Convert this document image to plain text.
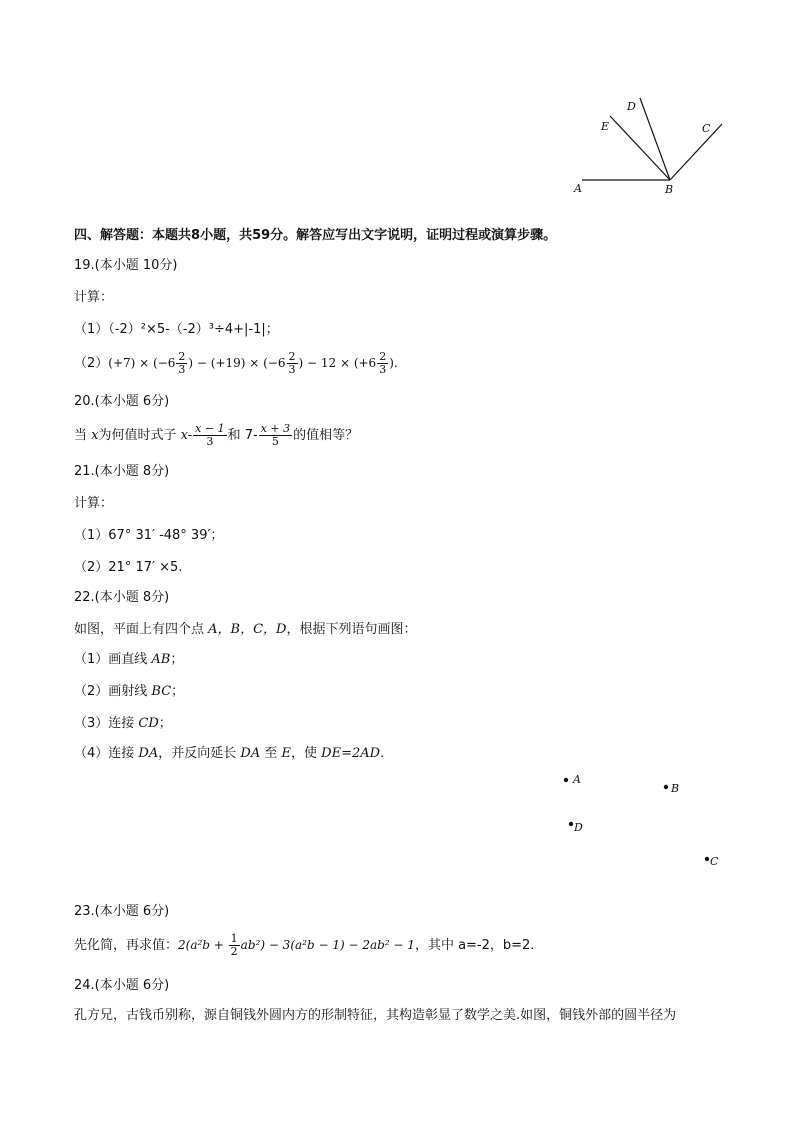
A	B
C
D
E
四、解答题：本题共8小题，共59分。解答应写出文字说明，证明过程或演算步骤。
19.(本小题 10分)
计算：
（1）（-2）²×5-（-2）³÷4+|-1|；
$(2)(+7) \times (-6 \frac{2}{3}$ ) − $(+19) \times (-6 \frac{2}{3}$ ) − $12 \times (+6 \frac{2}{3}$ ).
20.(本小题 6分)
当 x为何值时式子 $x- \frac{x - 1}{3}$ 和 $7- \frac{x + 3}{5}$ 的值相等？
21.(本小题 8分)
计算：
（1）67° 31′ -48° 39′；
（2）21° 17′ ×5.
22.(本小题 8分)
如图，平面上有四个点 A，B，C，D，根据下列语句画图：
（1）画直线 AB；
（2）画射线 BC；
（3）连接 CD；
（4）连接 DA，并反向延长 DA 至 E，使 DE=2AD.
A
B
D
C
23.(本小题 6分)
先化简，再求值：$2(a^2b + \frac{1}{2} ab^2) - 3(a^2b - 1) - 2ab^2 - 1$，其中 a=-2，b=2.
24.(本小题 6分)
孔方兄，古钱币别称，源自铜钱外圆内方的形制特征，其构造彰显了数学之美.如图，铜钱外部的圆半径为
